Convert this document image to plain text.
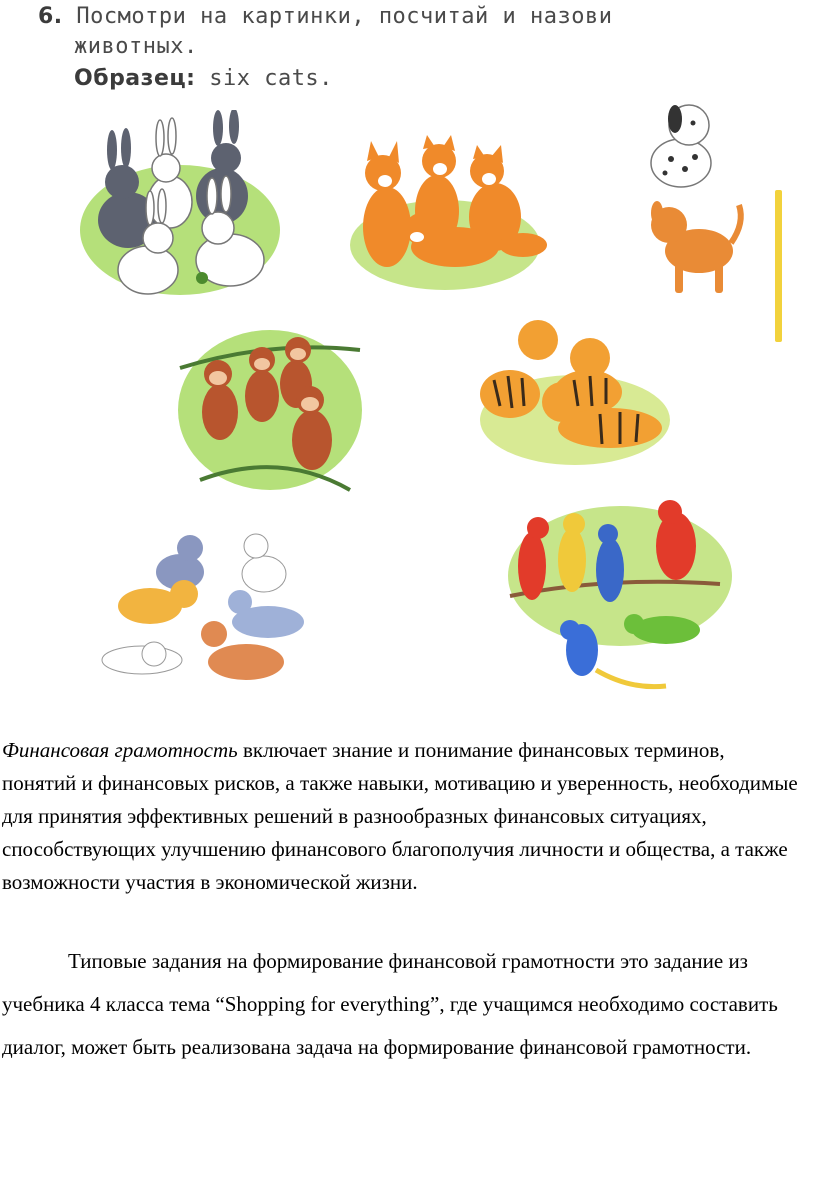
6. Посмотри на картинки, посчитай и назови
животных.
Образец: six cats.
Финансовая грамотность включает знание и понимание финансовых терминов, понятий и финансовых рисков, а также навыки, мотивацию и уверенность, необходимые для принятия эффективных решений в разнообразных финансовых ситуациях, способствующих улучшению финансового благополучия личности и общества, а также возможности участия в экономической жизни.
Типовые задания на формирование финансовой грамотности это задание из учебника 4 класса тема “Shopping for everything”, где учащимся необходимо составить диалог, может быть реализована задача на формирование финансовой грамотности.
